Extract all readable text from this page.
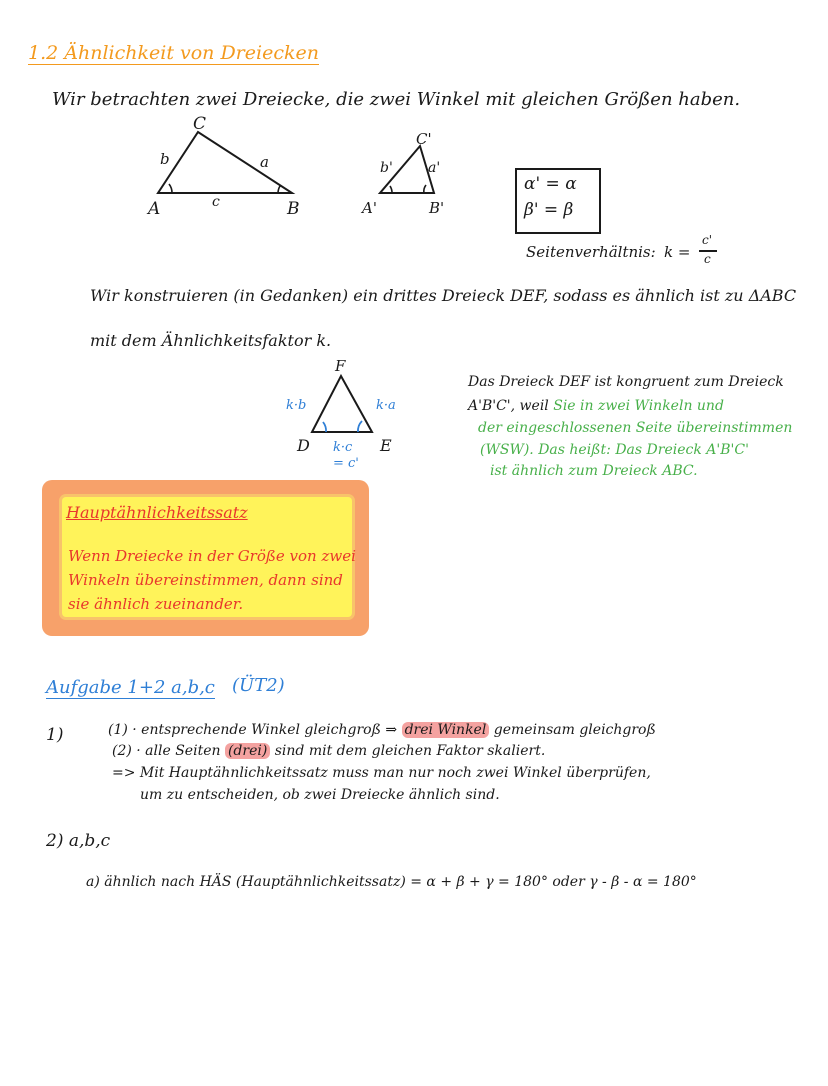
1.2 Ähnlichkeit von Dreiecken
Wir betrachten zwei Dreiecke, die zwei Winkel mit gleichen Größen haben.
C
A	B
b	a
c
C'
A'	B'
b'	a'
α' = α
β' = β
Seitenverhältnis: k =
c'
c
Wir konstruieren (in Gedanken) ein drittes Dreieck DEF, sodass es ähnlich ist zu ΔABC
mit dem Ähnlichkeitsfaktor k.
F
D	E
k·b	k·a
k·c
= c'
Das Dreieck DEF ist kongruent zum Dreieck
A'B'C', weil Sie in zwei Winkeln und
der eingeschlossenen Seite übereinstimmen
(WSW). Das heißt: Das Dreieck A'B'C'
ist ähnlich zum Dreieck ABC.
Hauptähnlichkeitssatz
Wenn Dreiecke in der Größe von zwei
Winkeln übereinstimmen, dann sind
sie ähnlich zueinander.
Aufgabe 1+2 a,b,c (ÜT2)
1)	(1) · entsprechende Winkel gleichgroß ⇒ drei Winkel gemeinsam gleichgroß
(2) · alle Seiten (drei) sind mit dem gleichen Faktor skaliert.
=> Mit Hauptähnlichkeitssatz muss man nur noch zwei Winkel überprüfen,
um zu entscheiden, ob zwei Dreiecke ähnlich sind.
2) a,b,c
a) ähnlich nach HÄS (Hauptähnlichkeitssatz) = α + β + γ = 180° oder γ - β - α = 180°
